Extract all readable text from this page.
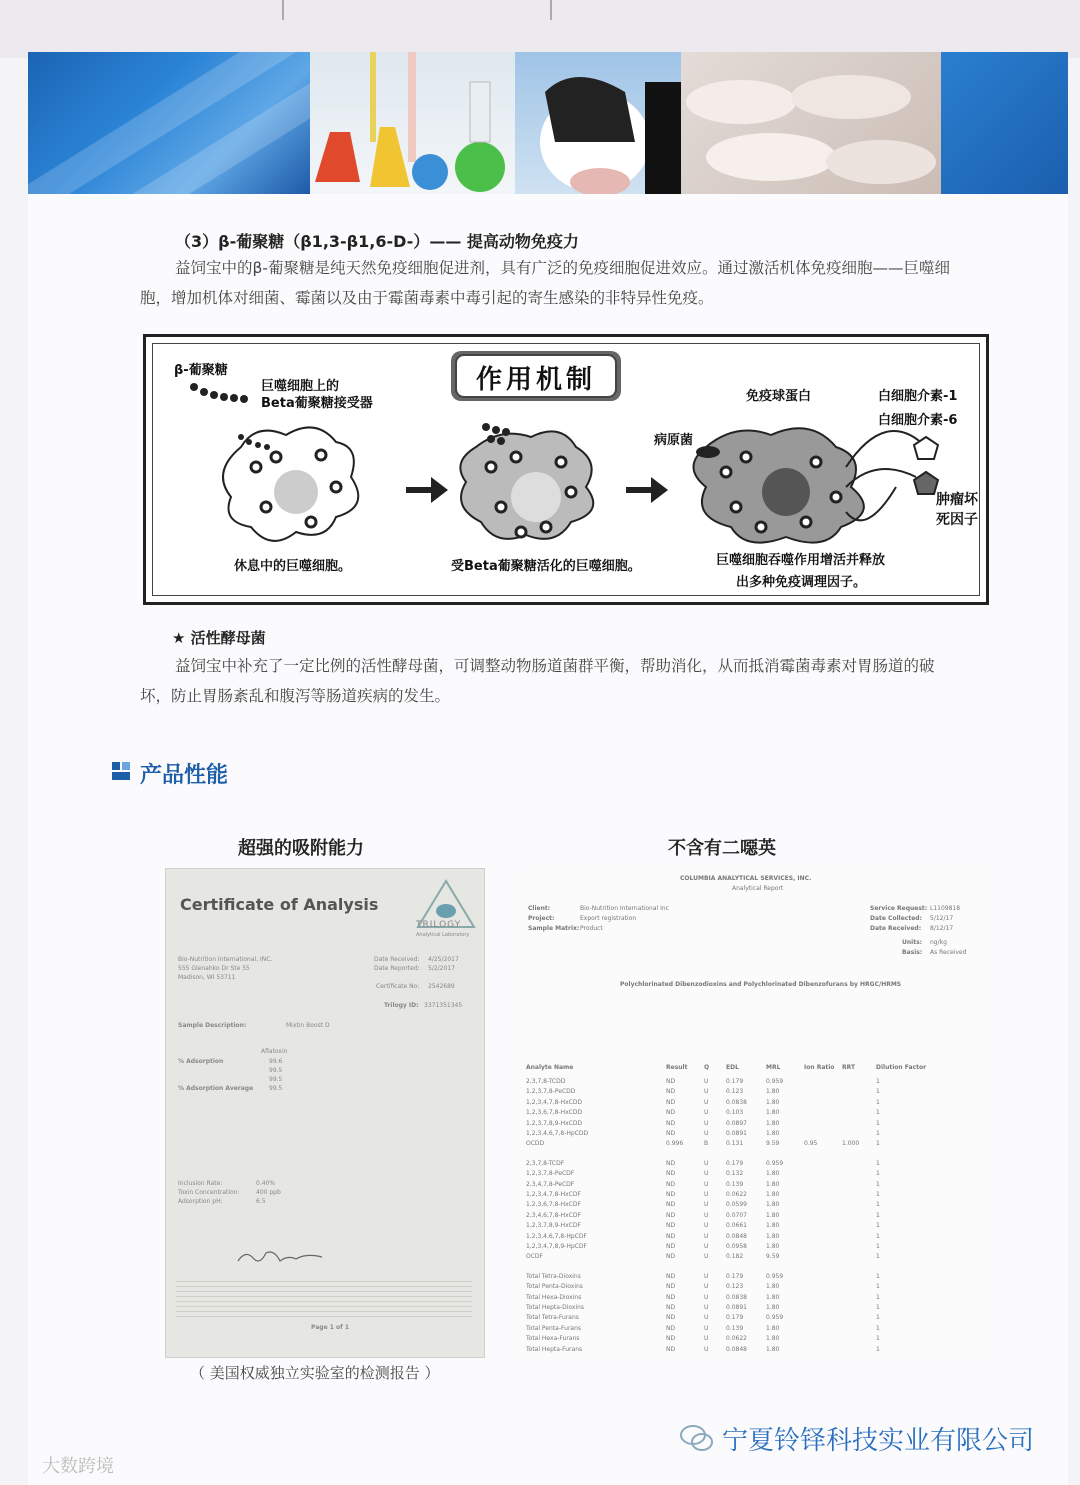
（3）β-葡聚糖（β1,3-β1,6-D-）—— 提高动物免疫力
益饲宝中的β-葡聚糖是纯天然免疫细胞促进剂，具有广泛的免疫细胞促进效应。通过激活机体免疫细胞——巨噬细
胞，增加机体对细菌、霉菌以及由于霉菌毒素中毒引起的寄生感染的非特异性免疫。
作用机制
β-葡聚糖
巨噬细胞上的
Beta葡聚糖接受器
休息中的巨噬细胞。	受Beta葡聚糖活化的巨噬细胞。
病原菌
免疫球蛋白	白细胞介素-1
白细胞介素-6
肿瘤坏
死因子
巨噬细胞吞噬作用增活并释放
出多种免疫调理因子。
★ 活性酵母菌
益饲宝中补充了一定比例的活性酵母菌，可调整动物肠道菌群平衡，帮助消化，从而抵消霉菌毒素对胃肠道的破
坏，防止胃肠紊乱和腹泻等肠道疾病的发生。
产品性能
超强的吸附能力	不含有二噁英
Certificate of Analysis
TRILOGY
Analytical Laboratory
Bio-Nutrition International, INC.
555 Glenahko Dr Ste 55
Madison, WI 53711
Date Received: 4/25/2017
Date Reported: 5/2/2017
Certificate No: 2542689
Trilogy ID: 3371351345
Sample Description:	Mixtin Boost D
Aflatoxin
% Adsorption	99.6
99.5
99.5
% Adsorption Average	99.5
Inclusion Rate:	0.40%
Toxin Concentration:	400 ppb
Adsorption pH:	6.5
Page 1 of 1
COLUMBIA ANALYTICAL SERVICES, INC.
Analytical Report
Client:	Bio-Nutrition International Inc
Project:	Export registration
Sample Matrix: Product
Service Request: L1109818
Date Collected: 5/12/17
Date Received: 8/12/17
Units: ng/kg
Basis: As Received
Polychlorinated Dibenzodioxins and Polychlorinated Dibenzofurans by HRGC/HRMS
Analyte Name	Result	Q	EDL	MRL	Ion Ratio RRT	Dilution Factor
2,3,7,8-TCDD	ND	U	0.179	0.959	1
1,2,3,7,8-PeCDD	ND	U	0.123	1.80	1
1,2,3,4,7,8-HxCDD	ND	U	0.0838	1.80	1
1,2,3,6,7,8-HxCDD	ND	U	0.103	1.80	1
1,2,3,7,8,9-HxCDD	ND	U	0.0897	1.80	1
1,2,3,4,6,7,8-HpCDD	ND	U	0.0891	1.80	1
OCDD	0.996	B	0.131	9.59	0.95	1.000	1
2,3,7,8-TCDF	ND	U	0.179	0.959	1
1,2,3,7,8-PeCDF	ND	U	0.132	1.80	1
2,3,4,7,8-PeCDF	ND	U	0.139	1.80	1
1,2,3,4,7,8-HxCDF	ND	U	0.0622	1.80	1
1,2,3,6,7,8-HxCDF	ND	U	0.0599	1.80	1
2,3,4,6,7,8-HxCDF	ND	U	0.0707	1.80	1
1,2,3,7,8,9-HxCDF	ND	U	0.0661	1.80	1
1,2,3,4,6,7,8-HpCDF	ND	U	0.0848	1.80	1
1,2,3,4,7,8,9-HpCDF	ND	U	0.0958	1.80	1
OCDF	ND	U	0.182	9.59	1
Total Tetra-Dioxins	ND	U	0.179	0.959	1
Total Penta-Dioxins	ND	U	0.123	1.80	1
Total Hexa-Dioxins	ND	U	0.0838	1.80	1
Total Hepta-Dioxins	ND	U	0.0891	1.80	1
Total Tetra-Furans	ND	U	0.179	0.959	1
Total Penta-Furans	ND	U	0.139	1.80	1
Total Hexa-Furans	ND	U	0.0622	1.80	1
Total Hepta-Furans	ND	U	0.0848	1.80	1
（ 美国权威独立实验室的检测报告 ）
宁夏铃铎科技实业有限公司
大数跨境
